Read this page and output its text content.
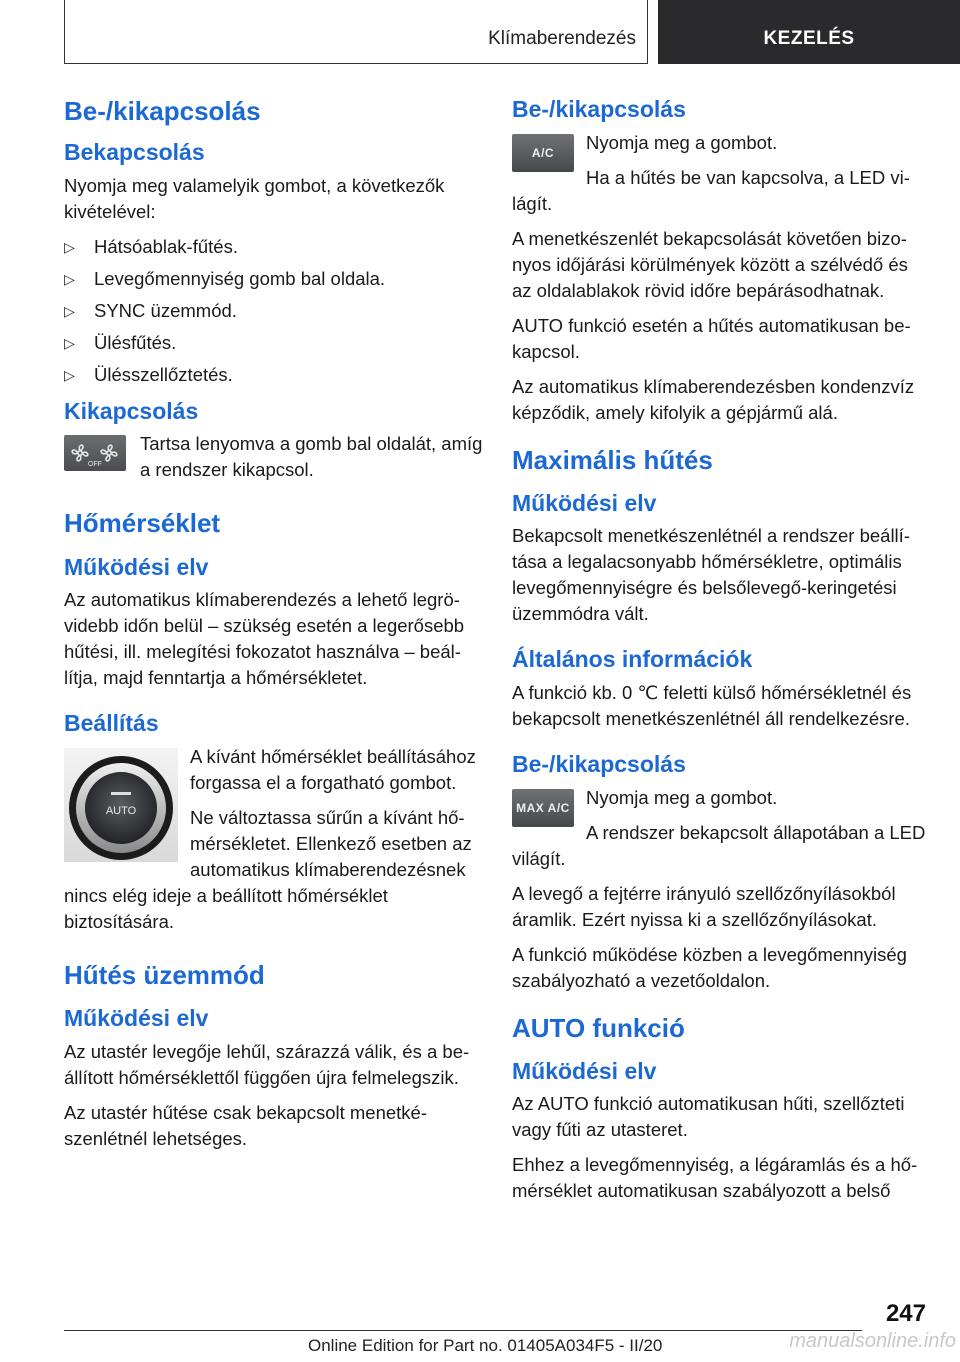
Klímaberendezés	KEZELÉS
Be-/kikapcsolás
Bekapcsolás

Nyomja meg valamelyik gombot, a következők kivételével:

▷ Hátsóablak-fűtés.
▷ Levegőmennyiség gomb bal oldala.
▷ SYNC üzemmód.
▷ Ülésfűtés.
▷ Ülésszellőztetés.
Kikapcsolás
OFF

Tartsa lenyomva a gomb bal oldalát, amíg a rendszer kikapcsol.

Hőmérséklet
Működési elv

Az automatikus klímaberendezés a lehető legrövidebb időn belül – szükség esetén a legerősebb hűtési, ill. melegítési fokozatot használva – beállítja, majd fenntartja a hőmérsékletet.

Beállítás
AUTO

A kívánt hőmérséklet beállításához forgassa el a forgatható gombot.

Ne változtassa sűrűn a kívánt hőmérsékletet. Ellenkező esetben az automatikus klímaberendezésnek nincs elég ideje a beállított hőmérséklet biztosítására.

Hűtés üzemmód
Működési elv

Az utastér levegője lehűl, szárazzá válik, és a beállított hőmérséklettől függően újra felmelegszik.

Az utastér hűtése csak bekapcsolt menetkészenlétnél lehetséges.

Be-/kikapcsolás
A/C	Nyomja meg a gombot.

Ha a hűtés be van kapcsolva, a LED világít.

A menetkészenlét bekapcsolását követően bizonyos időjárási körülmények között a szélvédő és az oldalablakok rövid időre bepárásodhatnak.

AUTO funkció esetén a hűtés automatikusan bekapcsol.

Az automatikus klímaberendezésben kondenzvíz képződik, amely kifolyik a gépjármű alá.

Maximális hűtés
Működési elv

Bekapcsolt menetkészenlétnél a rendszer beállítása a legalacsonyabb hőmérsékletre, optimális levegőmennyiségre és belsőlevegő-keringetési üzemmódra vált.

Általános információk

A funkció kb. 0 ℃ feletti külső hőmérsékletnél és bekapcsolt menetkészenlétnél áll rendelkezésre.

Be-/kikapcsolás
MAX A/C Nyomja meg a gombot.

A rendszer bekapcsolt állapotában a LED világít.

A levegő a fejtérre irányuló szellőzőnyílásokból áramlik. Ezért nyissa ki a szellőzőnyílásokat.

A funkció működése közben a levegőmennyiség szabályozható a vezetőoldalon.

AUTO funkció
Működési elv

Az AUTO funkció automatikusan hűti, szellőzteti vagy fűti az utasteret.

Ehhez a levegőmennyiség, a légáramlás és a hőmérséklet automatikusan szabályozott a belső

247
Online Edition for Part no. 01405A034F5 - II/20	manualsonline.info
